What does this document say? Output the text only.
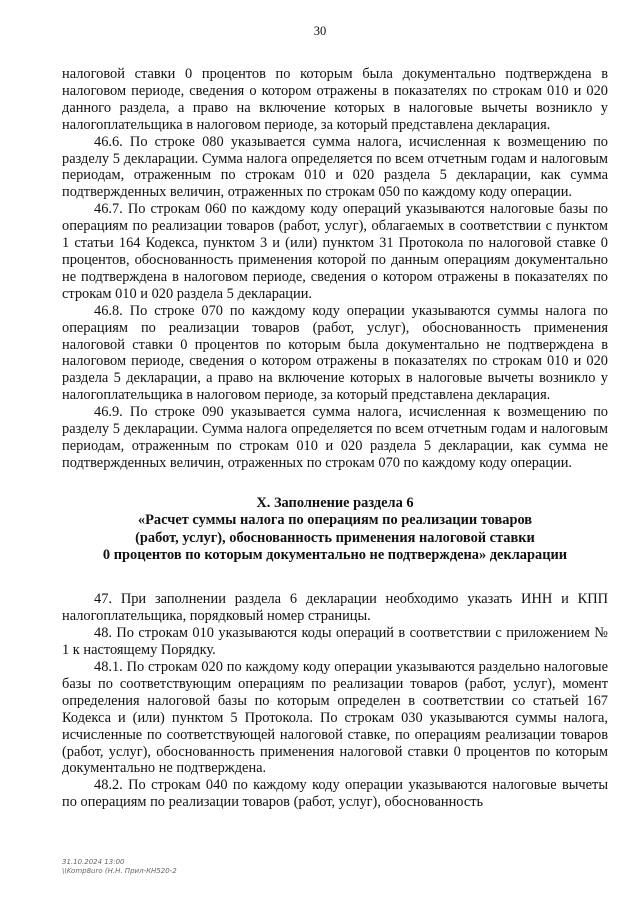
30

налоговой ставки 0 процентов по которым была документально подтверждена в налоговом периоде, сведения о котором отражены в показателях по строкам 010 и 020 данного раздела, а право на включение которых в налоговые вычеты возникло у налогоплательщика в налоговом периоде, за который представлена декларация.

46.6. По строке 080 указывается сумма налога, исчисленная к возмещению по разделу 5 декларации. Сумма налога определяется по всем отчетным годам и налоговым периодам, отраженным по строкам 010 и 020 раздела 5 декларации, как сумма подтвержденных величин, отраженных по строкам 050 по каждому коду операции.

46.7. По строкам 060 по каждому коду операций указываются налоговые базы по операциям по реализации товаров (работ, услуг), облагаемых в соответствии с пунктом 1 статьи 164 Кодекса, пунктом 3 и (или) пунктом 31 Протокола по налоговой ставке 0 процентов, обоснованность применения которой по данным операциям документально не подтверждена в налоговом периоде, сведения о котором отражены в показателях по строкам 010 и 020 раздела 5 декларации.

46.8. По строке 070 по каждому коду операции указываются суммы налога по операциям по реализации товаров (работ, услуг), обоснованность применения налоговой ставки 0 процентов по которым была документально не подтверждена в налоговом периоде, сведения о котором отражены в показателях по строкам 010 и 020 раздела 5 декларации, а право на включение которых в налоговые вычеты возникло у налогоплательщика в налоговом периоде, за который представлена декларация.

46.9. По строке 090 указывается сумма налога, исчисленная к возмещению по разделу 5 декларации. Сумма налога определяется по всем отчетным годам и налоговым периодам, отраженным по строкам 010 и 020 раздела 5 декларации, как сумма не подтвержденных величин, отраженных по строкам 070 по каждому коду операции.

X. Заполнение раздела 6
«Расчет суммы налога по операциям по реализации товаров
(работ, услуг), обоснованность применения налоговой ставки
0 процентов по которым документально не подтверждена» декларации

47. При заполнении раздела 6 декларации необходимо указать ИНН и КПП налогоплательщика, порядковый номер страницы.

48. По строкам 010 указываются коды операций в соответствии с приложением № 1 к настоящему Порядку.

48.1. По строкам 020 по каждому коду операции указываются раздельно налоговые базы по соответствующим операциям по реализации товаров (работ, услуг), момент определения налоговой базы по которым определен в соответствии со статьей 167 Кодекса и (или) пунктом 5 Протокола. По строкам 030 указываются суммы налога, исчисленные по соответствующей налоговой ставке, по операциям реализации товаров (работ, услуг), обоснованность применения налоговой ставки 0 процентов по которым документально не подтверждена.

48.2. По строкам 040 по каждому коду операции указываются налоговые вычеты по операциям по реализации товаров (работ, услуг), обоснованность

31.10.2024 13:00
\\Komp8uro (Н.Н. Прил-КН520-2
